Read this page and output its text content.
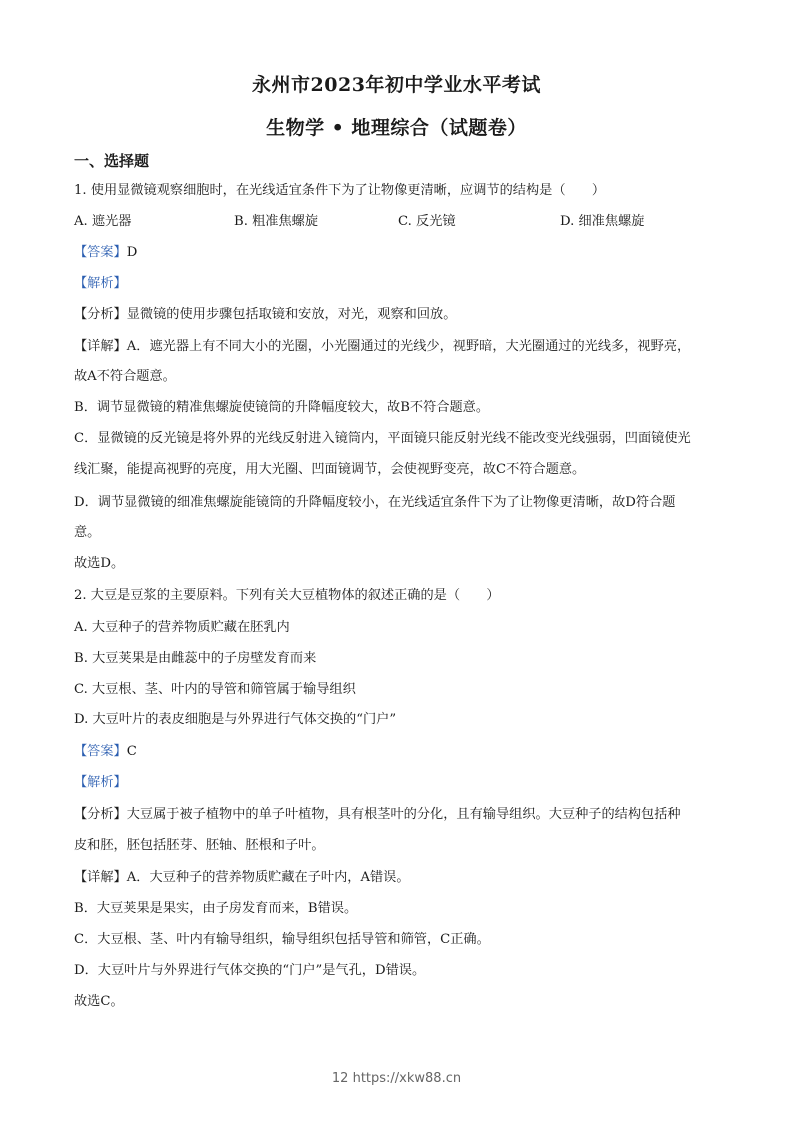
永州市2023年初中学业水平考试
生物学 • 地理综合（试题卷）
一、选择题
1. 使用显微镜观察细胞时，在光线适宜条件下为了让物像更清晰，应调节的结构是（　　）
A. 遮光器	B. 粗准焦螺旋	C. 反光镜	D. 细准焦螺旋
【答案】D
【解析】
【分析】显微镜的使用步骤包括取镜和安放，对光，观察和回放。
【详解】A．遮光器上有不同大小的光圈，小光圈通过的光线少，视野暗，大光圈通过的光线多，视野亮，
故A不符合题意。
B．调节显微镜的精准焦螺旋使镜筒的升降幅度较大，故B不符合题意。
C．显微镜的反光镜是将外界的光线反射进入镜筒内，平面镜只能反射光线不能改变光线强弱，凹面镜使光
线汇聚，能提高视野的亮度，用大光圈、凹面镜调节，会使视野变亮，故C不符合题意。
D．调节显微镜的细准焦螺旋能镜筒的升降幅度较小，在光线适宜条件下为了让物像更清晰，故D符合题
意。
故选D。
2. 大豆是豆浆的主要原料。下列有关大豆植物体的叙述正确的是（　　）
A. 大豆种子的营养物质贮藏在胚乳内
B. 大豆荚果是由雌蕊中的子房壁发育而来
C. 大豆根、茎、叶内的导管和筛管属于输导组织
D. 大豆叶片的表皮细胞是与外界进行气体交换的“门户”
【答案】C
【解析】
【分析】大豆属于被子植物中的单子叶植物，具有根茎叶的分化，且有输导组织。大豆种子的结构包括种
皮和胚，胚包括胚芽、胚轴、胚根和子叶。
【详解】A．大豆种子的营养物质贮藏在子叶内，A错误。
B．大豆荚果是果实，由子房发育而来，B错误。
C．大豆根、茎、叶内有输导组织，输导组织包括导管和筛管，C正确。
D．大豆叶片与外界进行气体交换的“门户”是气孔，D错误。
故选C。
12 https://xkw88.cn
